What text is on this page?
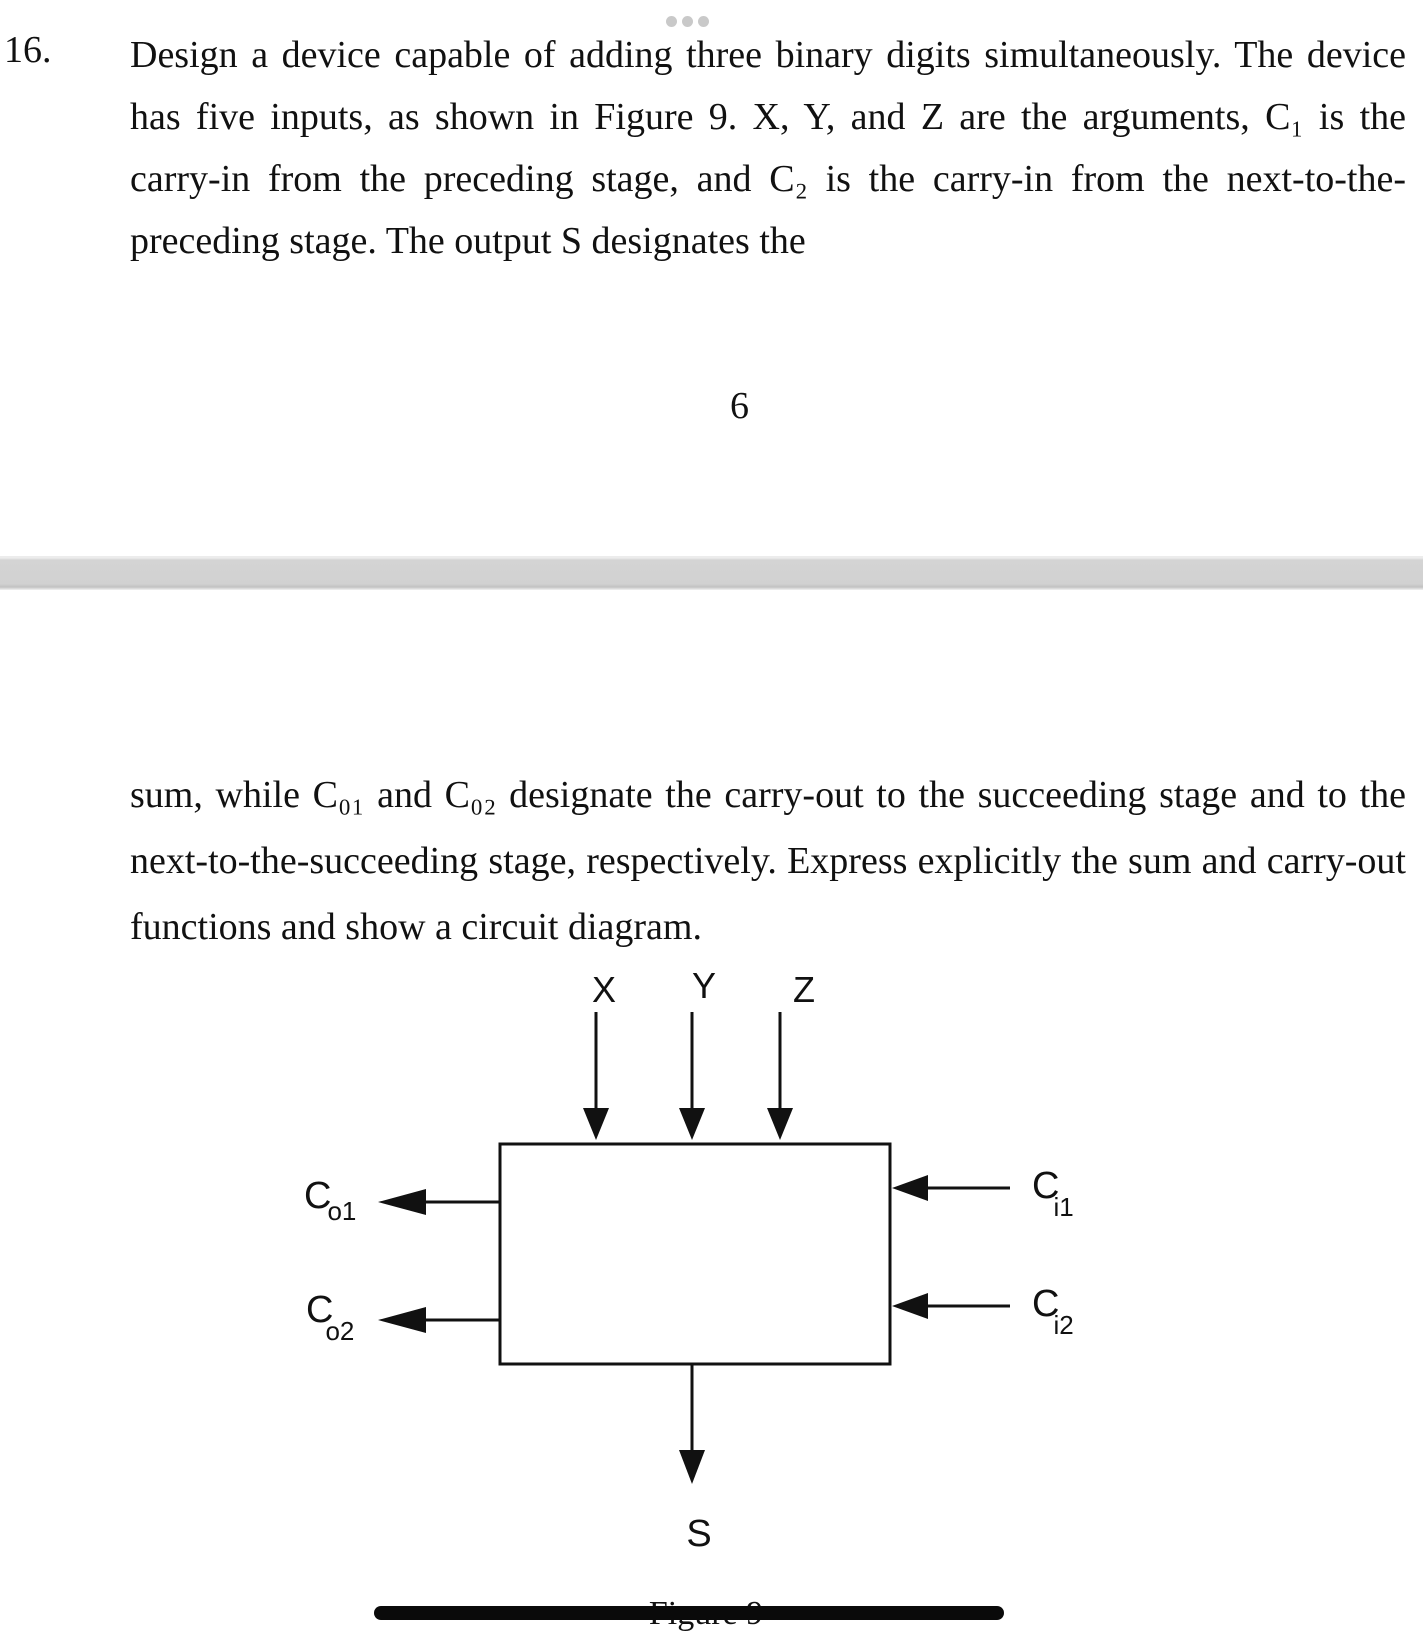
16. Design a device capable of adding three binary digits simultaneously. The device has five inputs, as shown in Figure 9. X, Y, and Z are the arguments, C₁ is the carry-in from the preceding stage, and C₂ is the carry-in from the next-to-the-preceding stage. The output S designates the
6
sum, while C₀₁ and C₀₂ designate the carry-out to the succeeding stage and to the next-to-the-succeeding stage, respectively. Express explicitly the sum and carry-out functions and show a circuit diagram.
X Y Z
Co1
Co2
Ci1
Ci2
S
